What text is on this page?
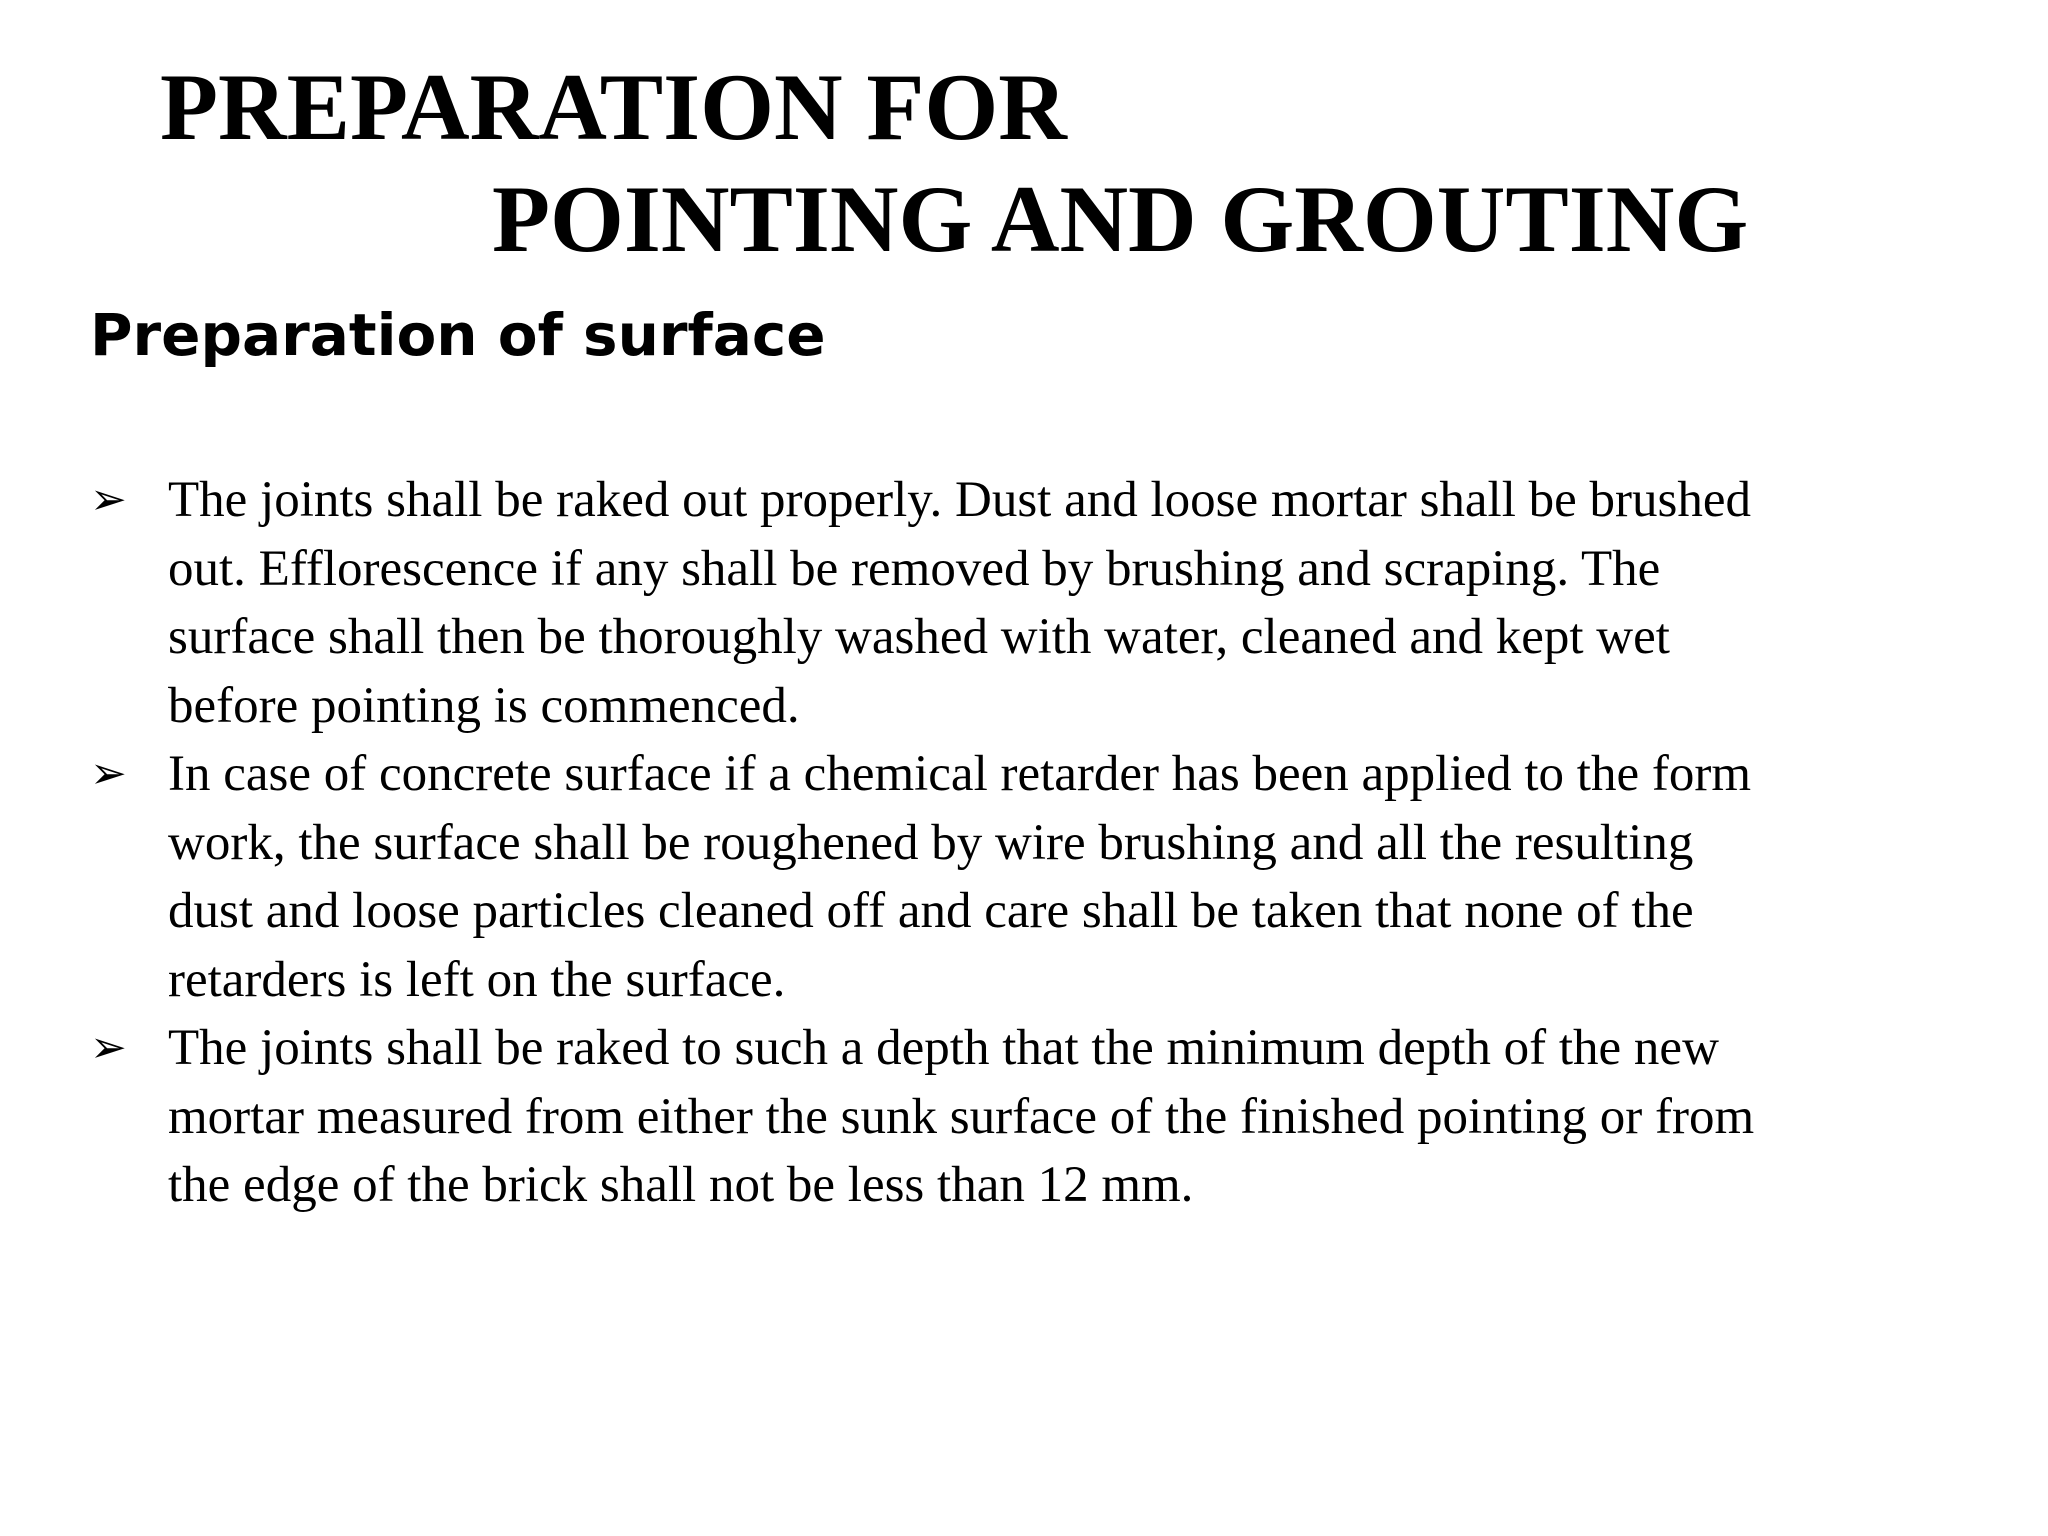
PREPARATION FOR
POINTING AND GROUTING
Preparation of surface
➢ The joints shall be raked out properly. Dust and loose mortar shall be brushed
out. Efflorescence if any shall be removed by brushing and scraping. The
surface shall then be thoroughly washed with water, cleaned and kept wet
before pointing is commenced.
➢ In case of concrete surface if a chemical retarder has been applied to the form
work, the surface shall be roughened by wire brushing and all the resulting
dust and loose particles cleaned off and care shall be taken that none of the
retarders is left on the surface.
➢ The joints shall be raked to such a depth that the minimum depth of the new
mortar measured from either the sunk surface of the finished pointing or from
the edge of the brick shall not be less than 12 mm.
